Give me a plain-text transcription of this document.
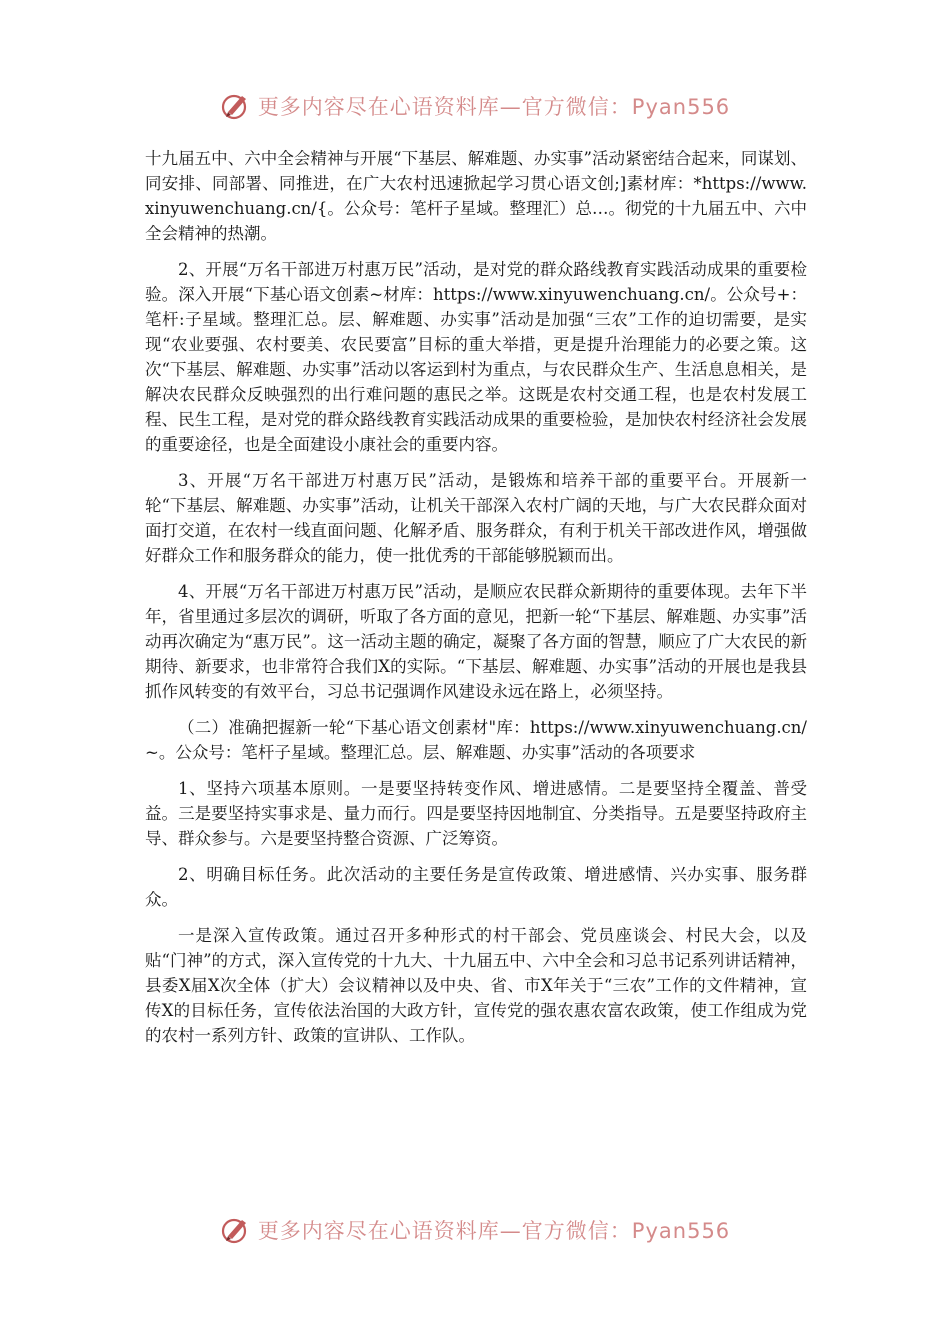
更多内容尽在心语资料库—官方微信：Pyan556

十九届五中、六中全会精神与开展“下基层、解难题、办实事”活动紧密结合起来，同谋划、同安排、同部署、同推进，在广大农村迅速掀起学习贯心语文创;]素材库：*https://www.xinyuwenchuang.cn/{。公众号：笔杆子星域。整理汇）总…。彻党的十九届五中、六中全会精神的热潮。

2、开展“万名干部进万村惠万民”活动，是对党的群众路线教育实践活动成果的重要检验。深入开展“下基心语文创素~材库：https://www.xinyuwenchuang.cn/。公众号+：笔杆:子星域。整理汇总。层、解难题、办实事”活动是加强“三农”工作的迫切需要，是实现“农业要强、农村要美、农民要富”目标的重大举措，更是提升治理能力的必要之策。这次“下基层、解难题、办实事”活动以客运到村为重点，与农民群众生产、生活息息相关，是解决农民群众反映强烈的出行难问题的惠民之举。这既是农村交通工程，也是农村发展工程、民生工程，是对党的群众路线教育实践活动成果的重要检验，是加快农村经济社会发展的重要途径，也是全面建设小康社会的重要内容。

3、开展“万名干部进万村惠万民”活动，是锻炼和培养干部的重要平台。开展新一轮“下基层、解难题、办实事”活动，让机关干部深入农村广阔的天地，与广大农民群众面对面打交道，在农村一线直面问题、化解矛盾、服务群众，有利于机关干部改进作风，增强做好群众工作和服务群众的能力，使一批优秀的干部能够脱颖而出。

4、开展“万名干部进万村惠万民”活动，是顺应农民群众新期待的重要体现。去年下半年，省里通过多层次的调研，听取了各方面的意见，把新一轮“下基层、解难题、办实事”活动再次确定为“惠万民”。这一活动主题的确定，凝聚了各方面的智慧，顺应了广大农民的新期待、新要求，也非常符合我们X的实际。“下基层、解难题、办实事”活动的开展也是我县抓作风转变的有效平台，习总书记强调作风建设永远在路上，必须坚持。

（二）准确把握新一轮“下基心语文创素材"库：https://www.xinyuwenchuang.cn/~。公众号：笔杆子星域。整理汇总。层、解难题、办实事”活动的各项要求

1、坚持六项基本原则。一是要坚持转变作风、增进感情。二是要坚持全覆盖、普受益。三是要坚持实事求是、量力而行。四是要坚持因地制宜、分类指导。五是要坚持政府主导、群众参与。六是要坚持整合资源、广泛筹资。

2、明确目标任务。此次活动的主要任务是宣传政策、增进感情、兴办实事、服务群众。

一是深入宣传政策。通过召开多种形式的村干部会、党员座谈会、村民大会，以及贴“门神”的方式，深入宣传党的十九大、十九届五中、六中全会和习总书记系列讲话精神，县委X届X次全体（扩大）会议精神以及中央、省、市X年关于“三农”工作的文件精神，宣传X的目标任务，宣传依法治国的大政方针，宣传党的强农惠农富农政策，使工作组成为党的农村一系列方针、政策的宣讲队、工作队。

更多内容尽在心语资料库—官方微信：Pyan556
